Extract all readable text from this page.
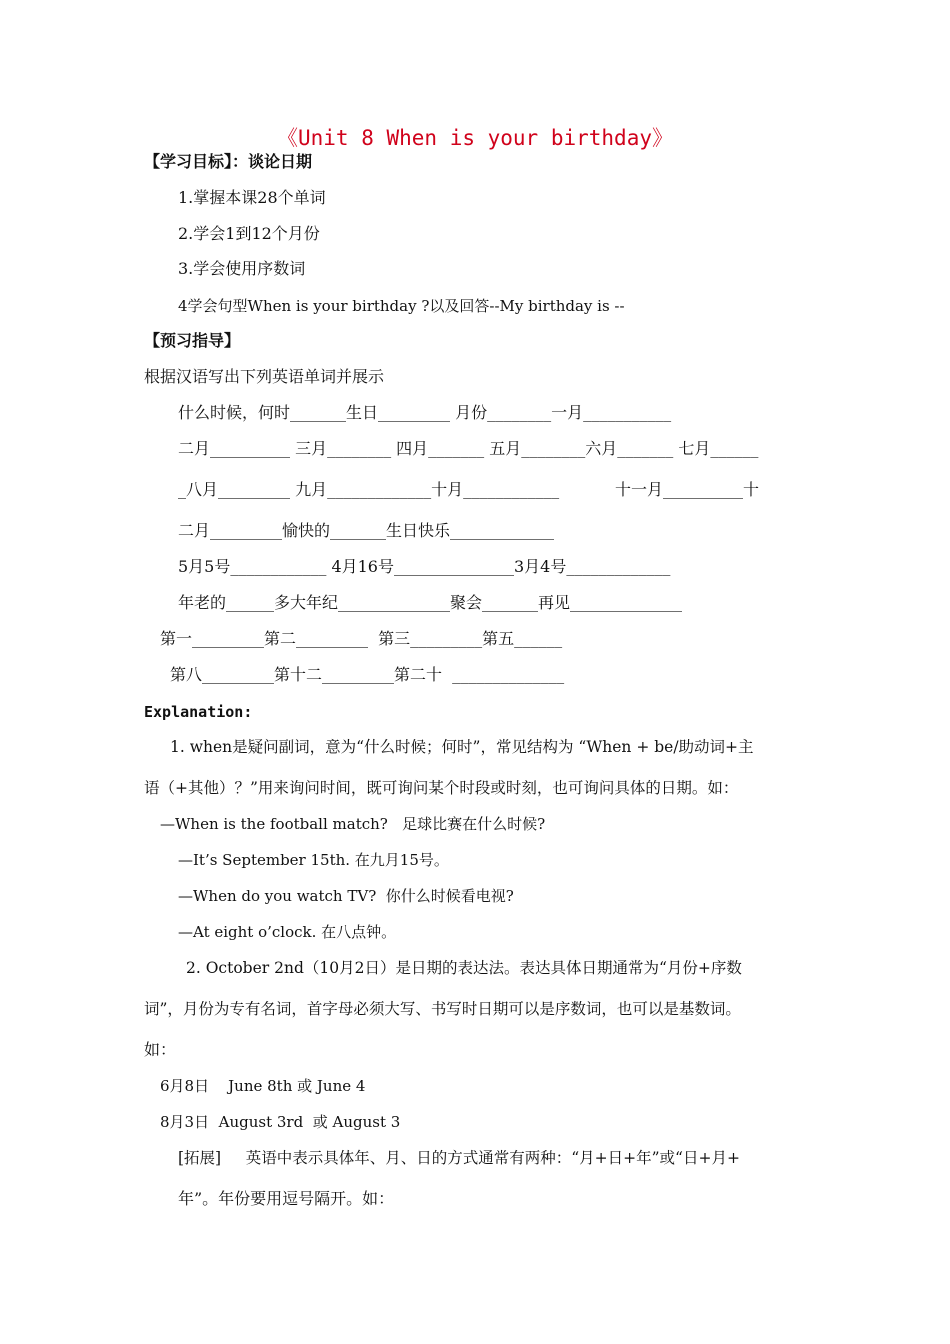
《Unit 8 When is your birthday》
【学习目标】：谈论日期
1.掌握本课28个单词
2.学会1到12个月份
3.学会使用序数词
4学会句型When is your birthday ?以及回答--My birthday is --
【预习指导】
根据汉语写出下列英语单词并展示
什么时候，何时_______生日_________ 月份________一月___________
二月__________ 三月________ 四月_______ 五月________六月_______ 七月______
_八月_________ 九月_____________十月____________           十一月__________十
二月_________愉快的_______生日快乐_____________
5月5号____________ 4月16号_______________3月4号_____________
年老的______多大年纪______________聚会_______再见______________
第一_________第二_________  第三_________第五______
第八_________第十二_________第二十  ______________
Explanation:
1. when是疑问副词，意为“什么时候；何时”，常见结构为 “When + be/助动词+主
语（+其他）？”用来询问时间，既可询问某个时段或时刻，也可询问具体的日期。如：
—When is the football match?   足球比赛在什么时候?
—It’s September 15th. 在九月15号。
—When do you watch TV?  你什么时候看电视?
—At eight o’clock. 在八点钟。
2. October 2nd（10月2日）是日期的表达法。表达具体日期通常为“月份+序数
词”，月份为专有名词，首字母必须大写、书写时日期可以是序数词，也可以是基数词。
如：
6月8日    June 8th 或 June 4
8月3日  August 3rd  或 August 3
[拓展]     英语中表示具体年、月、日的方式通常有两种：“月+日+年”或“日+月+
年”。年份要用逗号隔开。如：
